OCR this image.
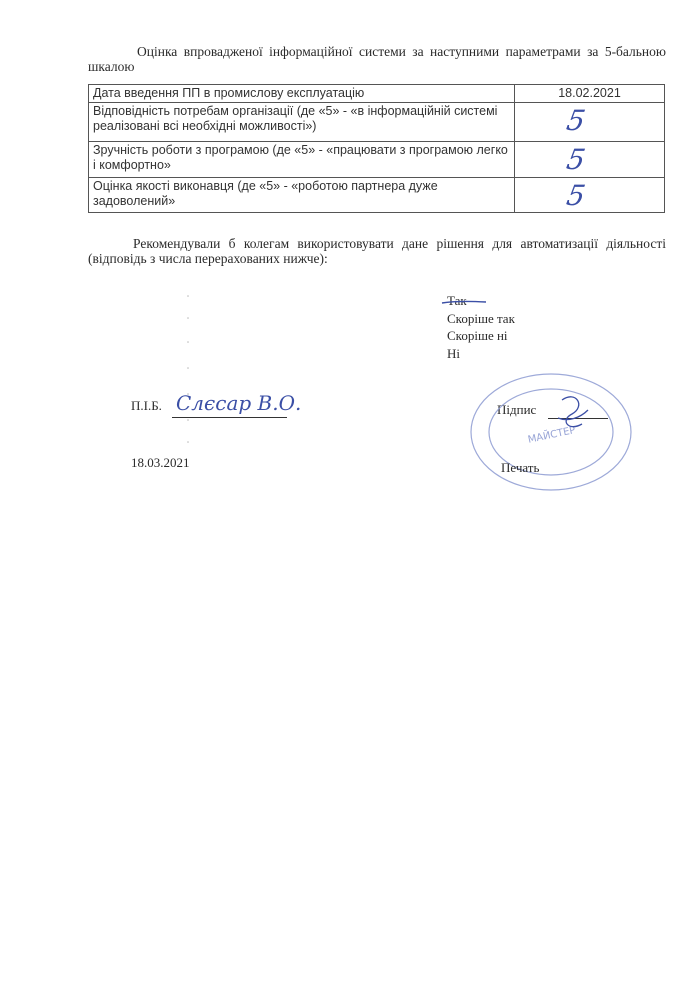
Оцінка впровадженої інформаційної системи за наступними параметрами за 5-бальною шкалою

Дата введення ПП в промислову експлуатацію	18.02.2021
Відповідність потребам організації (де «5» - «в інформаційній системі реалізовані всі необхідні можливості»)	5

Зручність роботи з програмою (де «5» - «працювати з програмою легко і комфортно»	5

Оцінка якості виконавця (де «5» - «роботою партнера дуже задоволений»	5

Рекомендували б колегам використовувати дане рішення для автоматизації діяльності (відповідь з числа перерахованих нижче):

Так
Скоріше так
Скоріше ні
Ні
П.І.Б. Слєсар В.О.
18.03.2021
Підпис
МАЙСТЕР
Печать
